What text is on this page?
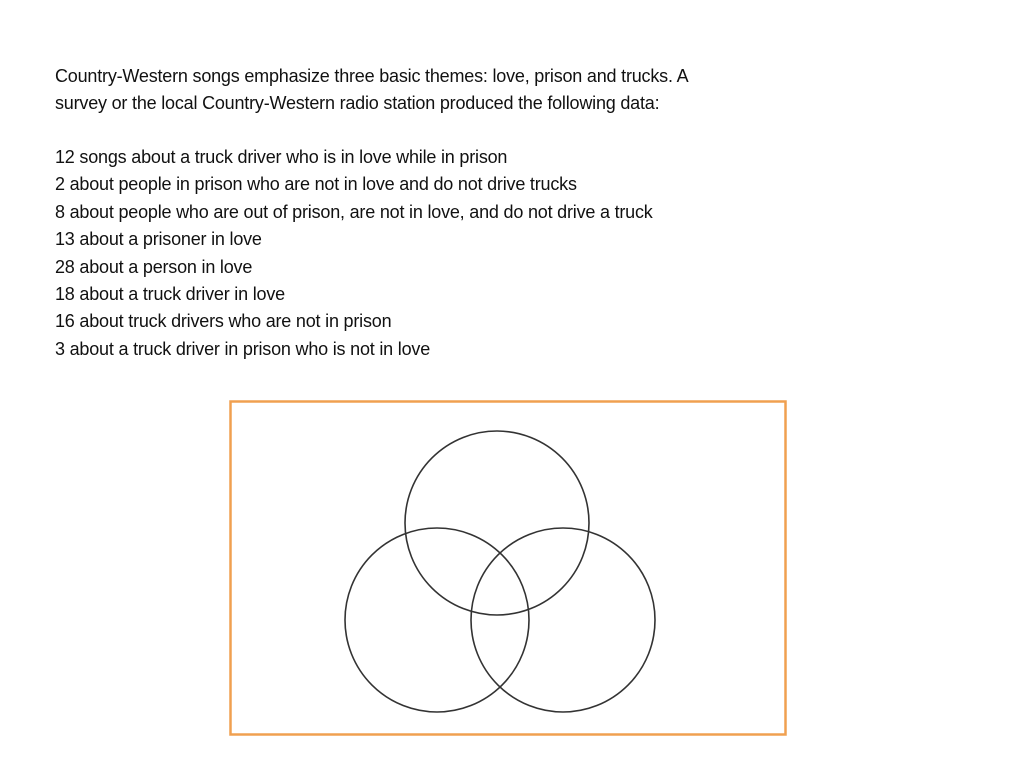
Country-Western songs emphasize three basic themes: love, prison and trucks. A

survey or the local Country-Western radio station produced the following data:

12 songs about a truck driver who is in love while in prison
2 about people in prison who are not in love and do not drive trucks
8 about people who are out of prison, are not in love, and do not drive a truck
13 about a prisoner in love
28 about a person in love
18 about a truck driver in love
16 about truck drivers who are not in prison
3 about a truck driver in prison who is not in love
